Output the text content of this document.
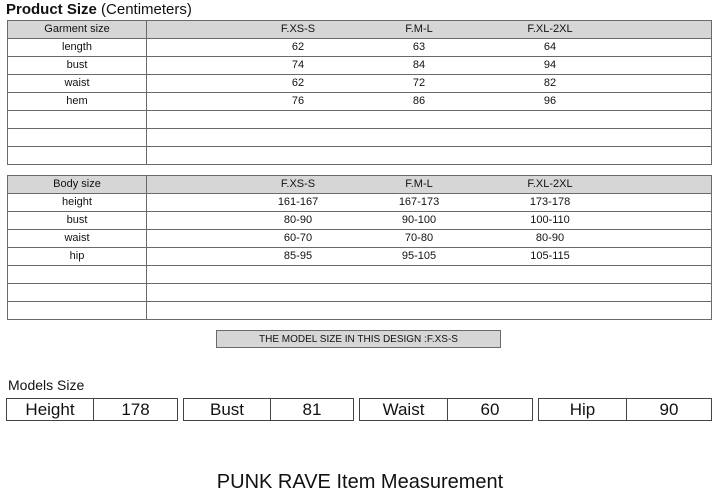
Product Size (Centimeters)
Garment size	F.XS-S F.M-L F.XL-2XL

length	62 63 64

bust	74 84 94

waist	62 72 82

hem	76 86 96

Body size	F.XS-S F.M-L F.XL-2XL

height	161-167 167-173 173-178

bust	80-90 90-100 100-110

waist	60-70 70-80 80-90

hip	85-95 95-105 105-115

THE MODEL SIZE IN THIS DESIGN :F.XS-S
Models Size
Height	178	Bust	81	Waist	60	Hip	90
PUNK RAVE Item Measurement
